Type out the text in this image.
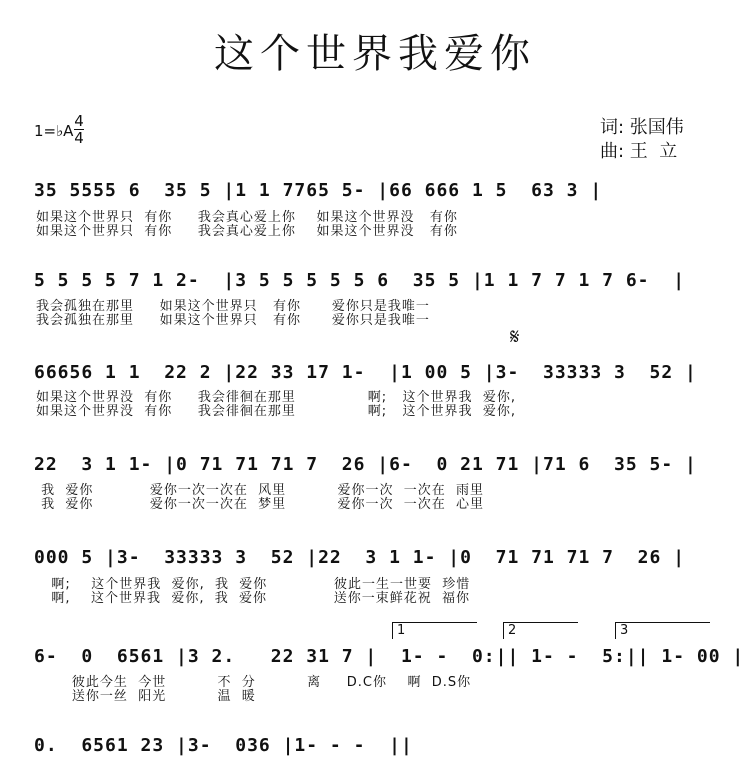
这个世界我爱你
1=♭A
4
4	词: 张国伟
曲: 王  立
35 5555 6  35 5 |1 1 7765 5- |66 666 1 5  63 3 |
如果这个世界只  有你     我会真心爱上你    如果这个世界没   有你
如果这个世界只  有你     我会真心爱上你    如果这个世界没   有你
5 5 5 5 7 1 2-  |3 5 5 5 5 5 6  35 5 |1 1 7 7 1 7 6-  |
我会孤独在那里     如果这个世界只   有你      爱你只是我唯一
我会孤独在那里     如果这个世界只   有你      爱你只是我唯一
𝄋
66656 1 1  22 2 |22 33 17 1-  |1 00 5 |3-  33333 3  52 |
如果这个世界没  有你     我会徘徊在那里              啊;   这个世界我  爱你,
如果这个世界没  有你     我会徘徊在那里              啊;   这个世界我  爱你,
22  3 1 1- |0 71 71 71 7  26 |6-  0 21 71 |71 6  35 5- |
我  爱你           爱你一次一次在  风里          爱你一次  一次在  雨里
我  爱你           爱你一次一次在  梦里          爱你一次  一次在  心里
000 5 |3-  33333 3  52 |22  3 1 1- |0  71 71 71 7  26 |
啊;    这个世界我  爱你,  我  爱你             彼此一生一世要  珍惜
啊,    这个世界我  爱你,  我  爱你             送你一束鲜花祝  福你
1	2	3
6-  0  6561 |3 2.   22 31 7 |  1- -  0:|| 1- -  5:|| 1- 00 |
彼此今生  今世          不  分          离     D.C你    啊  D.S你
送你一丝  阳光          温  暖
0.  6561 23 |3-  036 |1- - -  ||
